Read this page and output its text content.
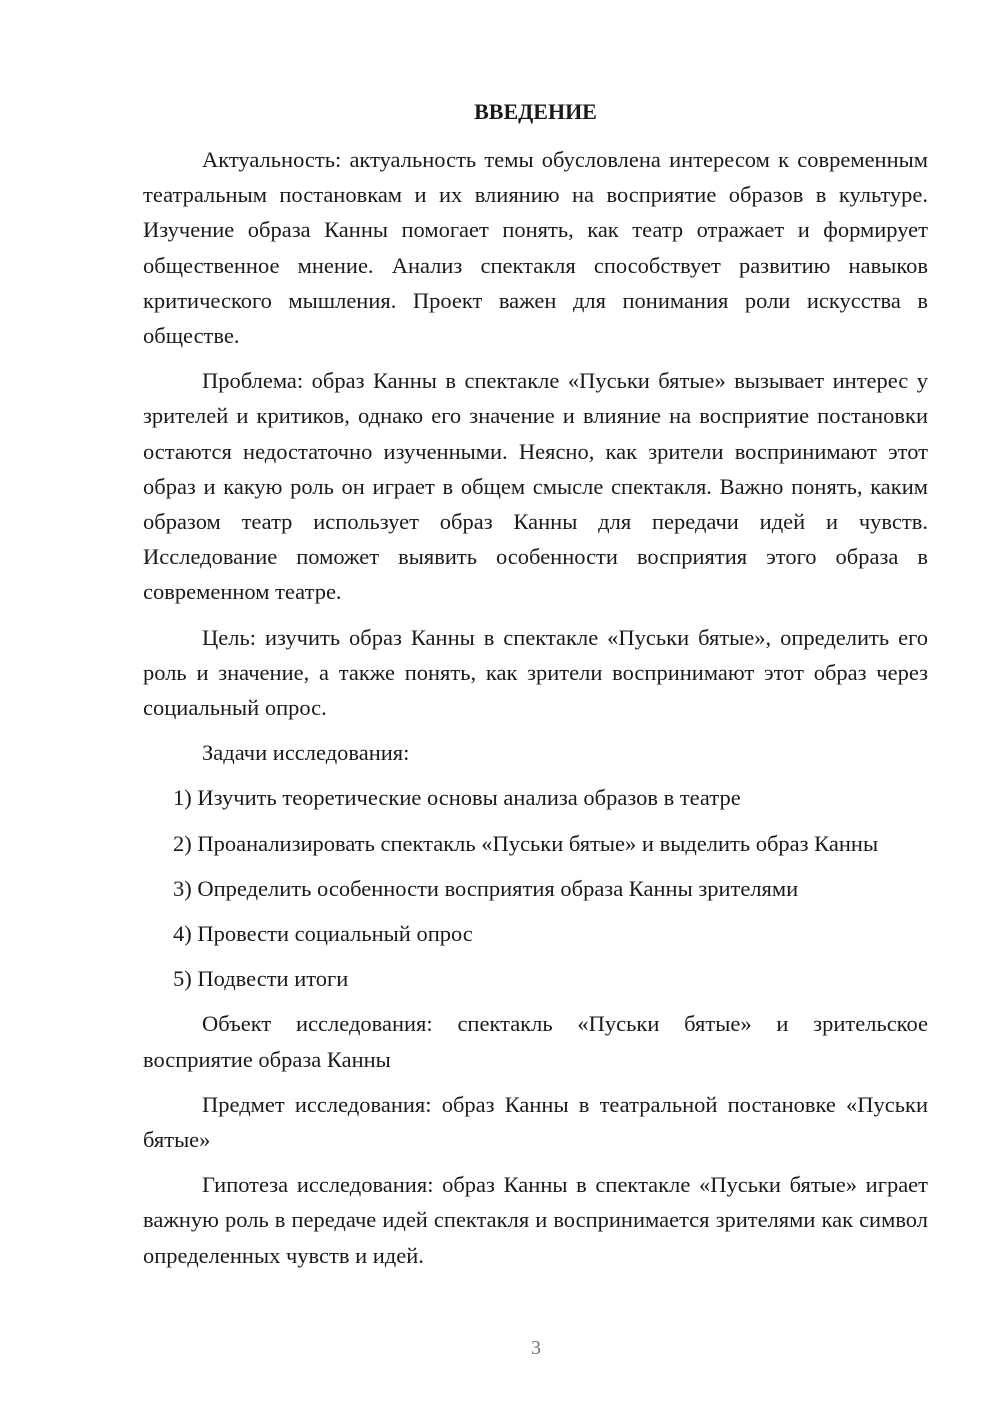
ВВЕДЕНИЕ

Актуальность: актуальность темы обусловлена интересом к современным театральным постановкам и их влиянию на восприятие образов в культуре. Изучение образа Канны помогает понять, как театр отражает и формирует общественное мнение. Анализ спектакля способствует развитию навыков критического мышления. Проект важен для понимания роли искусства в обществе.

Проблема: образ Канны в спектакле «Пуськи бятые» вызывает интерес у зрителей и критиков, однако его значение и влияние на восприятие постановки остаются недостаточно изученными. Неясно, как зрители воспринимают этот образ и какую роль он играет в общем смысле спектакля. Важно понять, каким образом театр использует образ Канны для передачи идей и чувств. Исследование поможет выявить особенности восприятия этого образа в современном театре.

Цель: изучить образ Канны в спектакле «Пуськи бятые», определить его роль и значение, а также понять, как зрители воспринимают этот образ через социальный опрос.

Задачи исследования:

1) Изучить теоретические основы анализа образов в театре

2) Проанализировать спектакль «Пуськи бятые» и выделить образ Канны

3) Определить особенности восприятия образа Канны зрителями

4) Провести социальный опрос

5) Подвести итоги

Объект исследования: спектакль «Пуськи бятые» и зрительское восприятие образа Канны

Предмет исследования: образ Канны в театральной постановке «Пуськи бятые»

Гипотеза исследования: образ Канны в спектакле «Пуськи бятые» играет важную роль в передаче идей спектакля и воспринимается зрителями как символ определенных чувств и идей.

3
